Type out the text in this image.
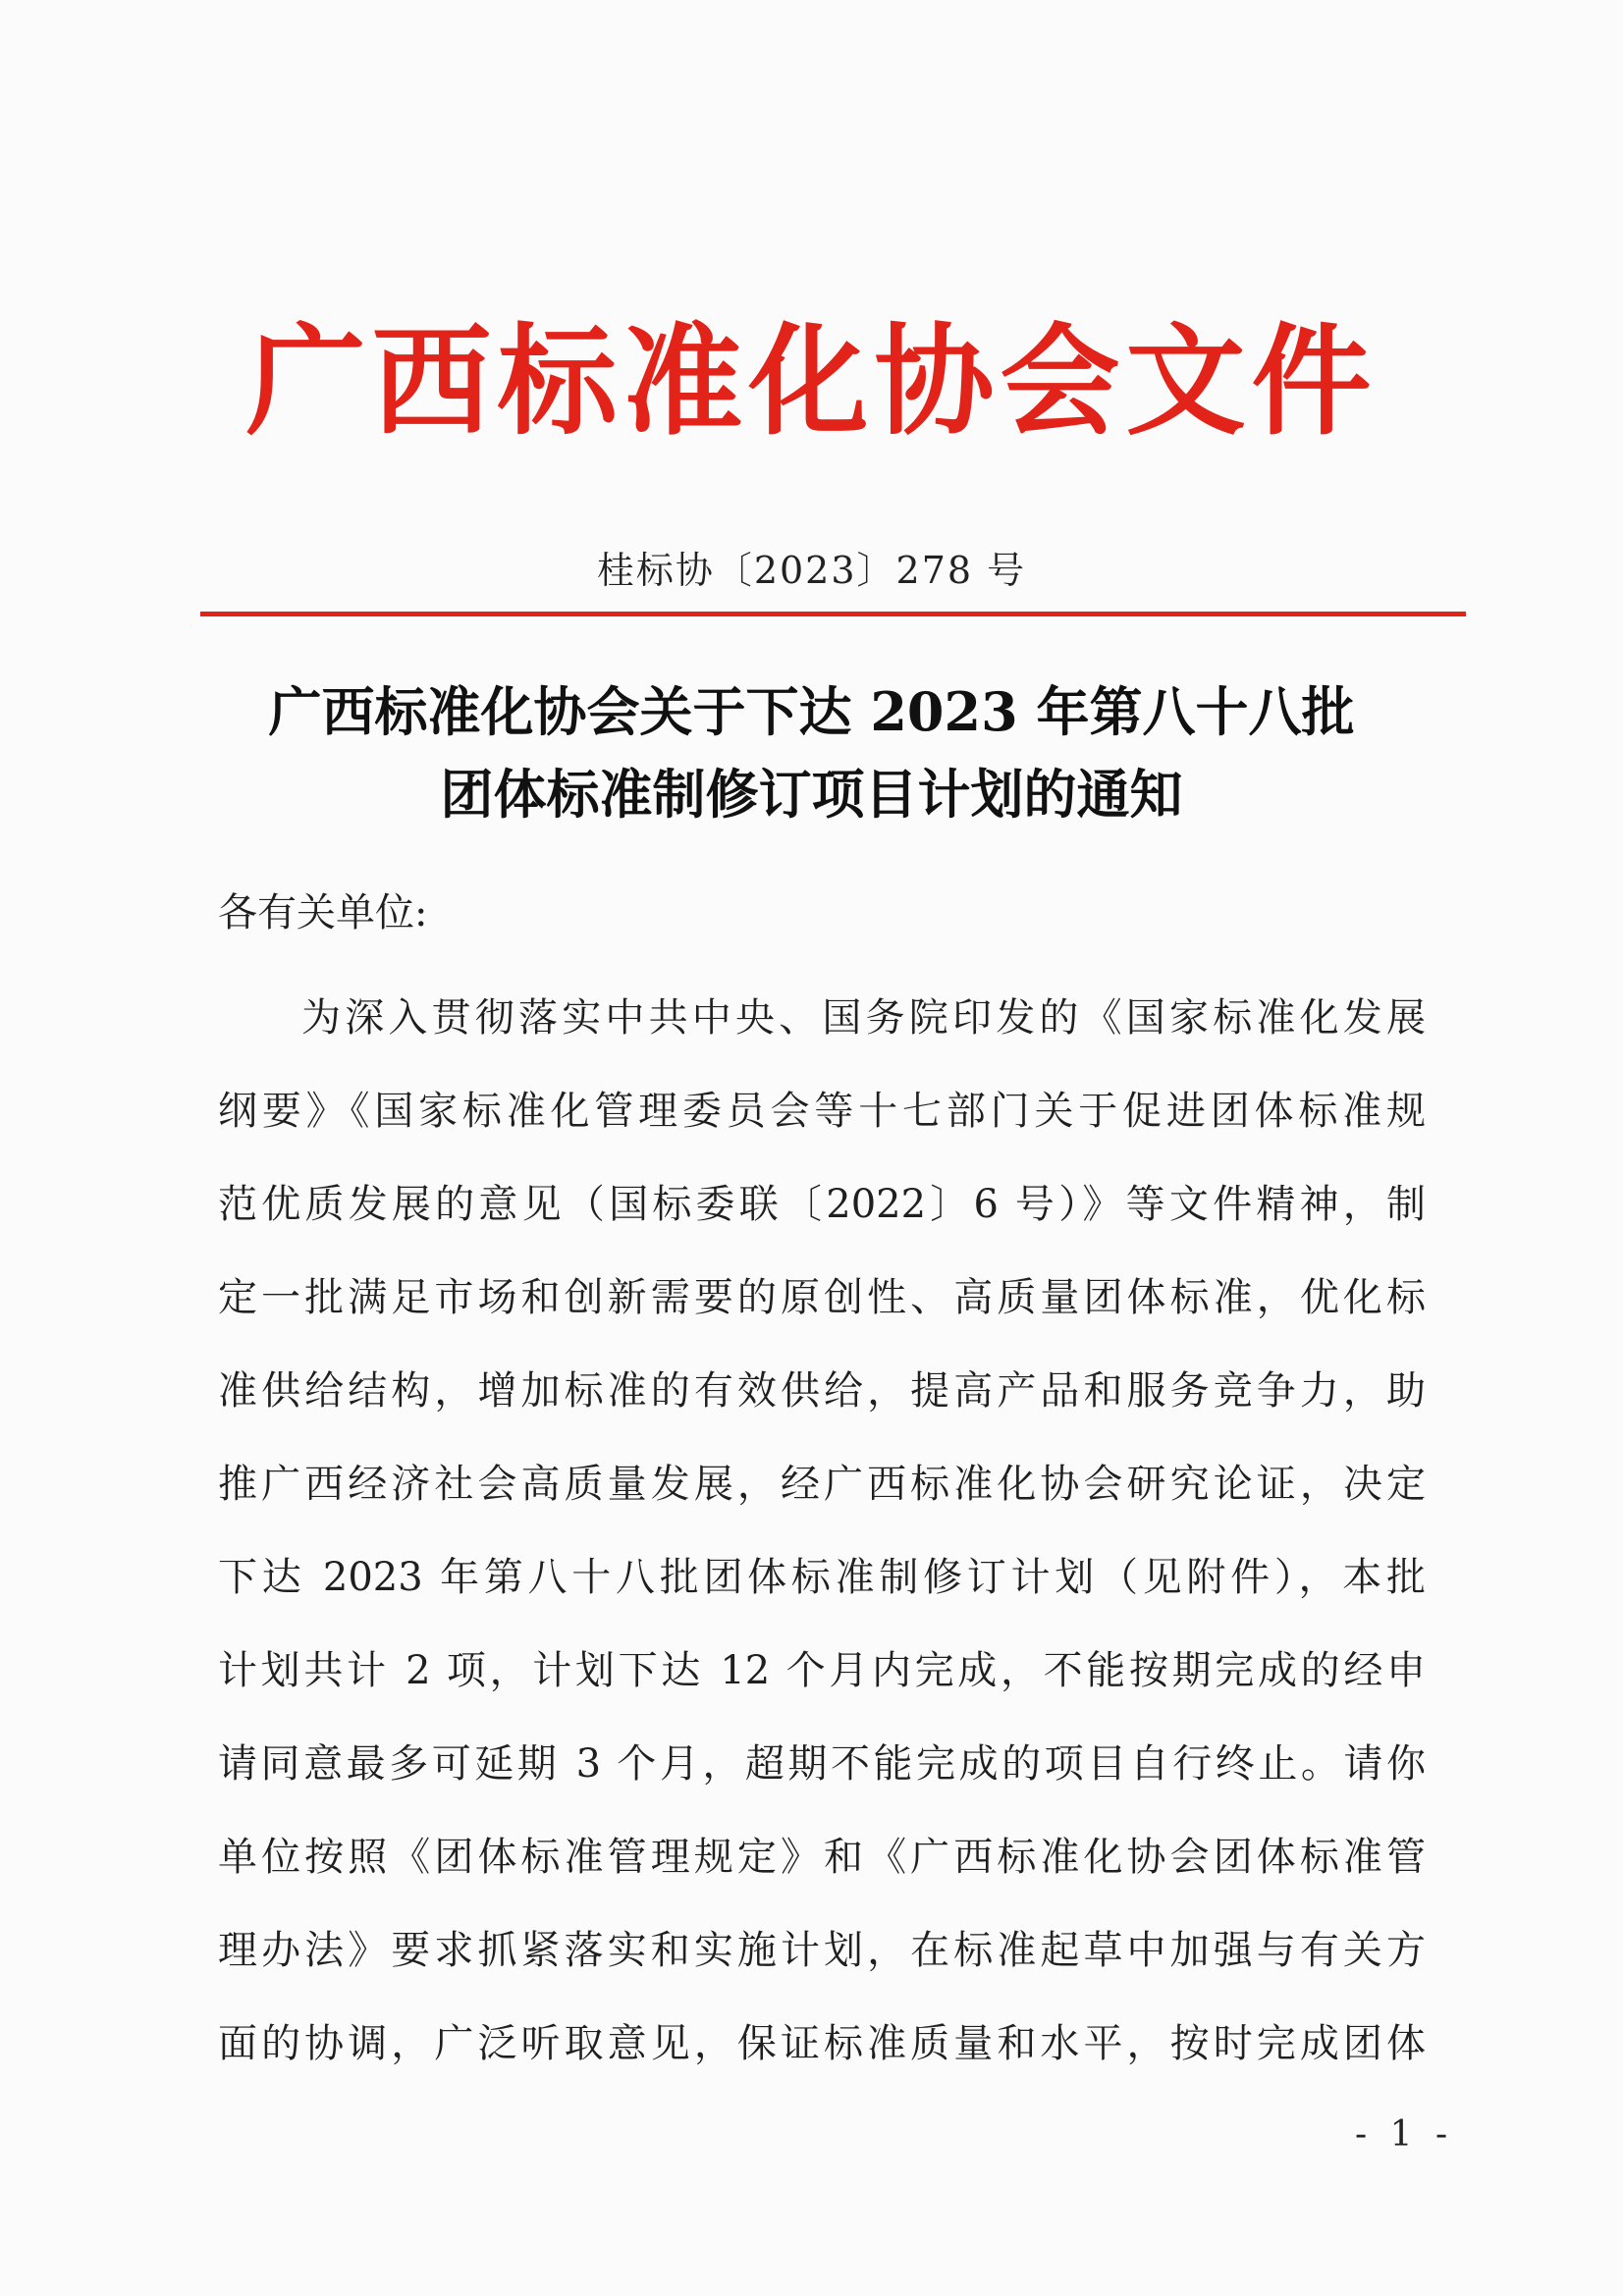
广西标准化协会文件
桂标协〔2023〕278 号
广西标准化协会关于下达 2023 年第八十八批
团体标准制修订项目计划的通知
各有关单位:
为深入贯彻落实中共中央、国务院印发的《国家标准化发展
纲要》《国家标准化管理委员会等十七部门关于促进团体标准规
范优质发展的意见（国标委联〔2022〕6 号）》等文件精神，制
定一批满足市场和创新需要的原创性、高质量团体标准，优化标
准供给结构，增加标准的有效供给，提高产品和服务竞争力，助
推广西经济社会高质量发展，经广西标准化协会研究论证，决定
下达 2023 年第八十八批团体标准制修订计划（见附件），本批
计划共计 2 项，计划下达 12 个月内完成，不能按期完成的经申
请同意最多可延期 3 个月，超期不能完成的项目自行终止。请你
单位按照《团体标准管理规定》和《广西标准化协会团体标准管
理办法》要求抓紧落实和实施计划，在标准起草中加强与有关方
面的协调，广泛听取意见，保证标准质量和水平，按时完成团体
- 1 -
